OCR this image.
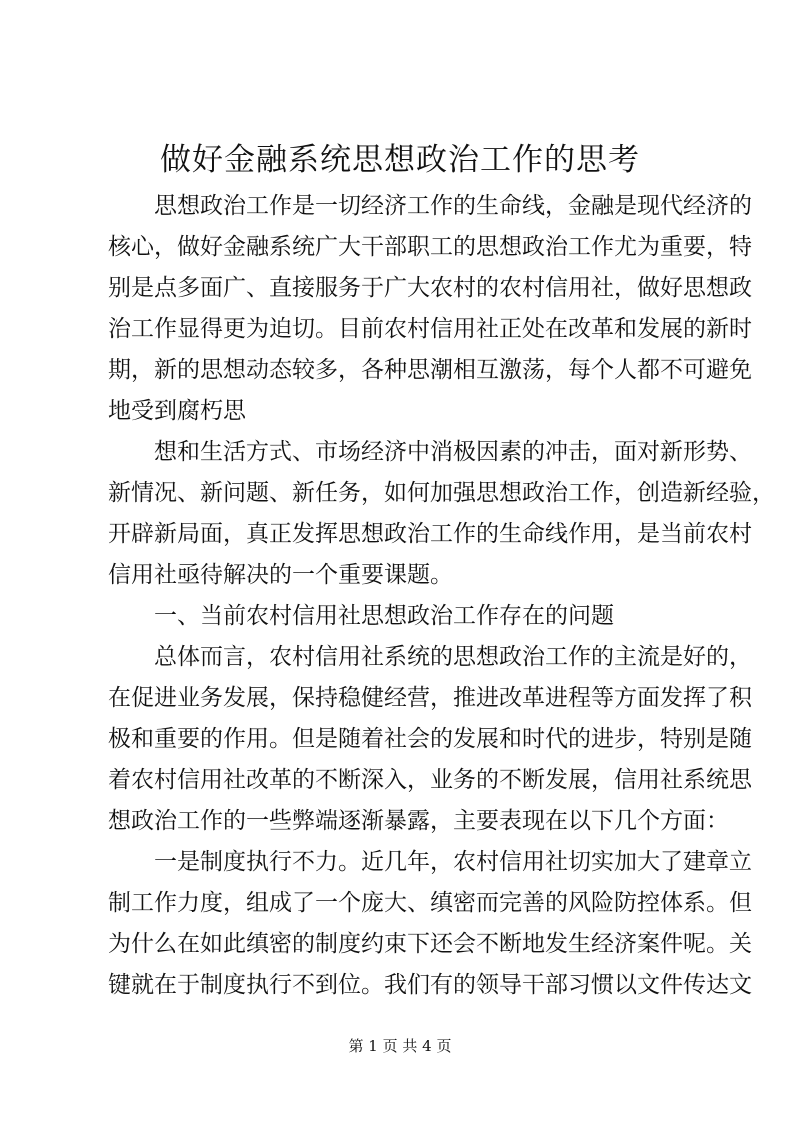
做好金融系统思想政治工作的思考
思想政治工作是一切经济工作的生命线，金融是现代经济的
核心，做好金融系统广大干部职工的思想政治工作尤为重要，特
别是点多面广、直接服务于广大农村的农村信用社，做好思想政
治工作显得更为迫切。目前农村信用社正处在改革和发展的新时
期，新的思想动态较多，各种思潮相互激荡，每个人都不可避免
地受到腐朽思
想和生活方式、市场经济中消极因素的冲击，面对新形势、
新情况、新问题、新任务，如何加强思想政治工作，创造新经验，
开辟新局面，真正发挥思想政治工作的生命线作用，是当前农村
信用社亟待解决的一个重要课题。
一、当前农村信用社思想政治工作存在的问题
总体而言，农村信用社系统的思想政治工作的主流是好的，
在促进业务发展，保持稳健经营，推进改革进程等方面发挥了积
极和重要的作用。但是随着社会的发展和时代的进步，特别是随
着农村信用社改革的不断深入，业务的不断发展，信用社系统思
想政治工作的一些弊端逐渐暴露，主要表现在以下几个方面：
一是制度执行不力。近几年，农村信用社切实加大了建章立
制工作力度，组成了一个庞大、缜密而完善的风险防控体系。但
为什么在如此缜密的制度约束下还会不断地发生经济案件呢。关
键就在于制度执行不到位。我们有的领导干部习惯以文件传达文
第 1 页 共 4 页
